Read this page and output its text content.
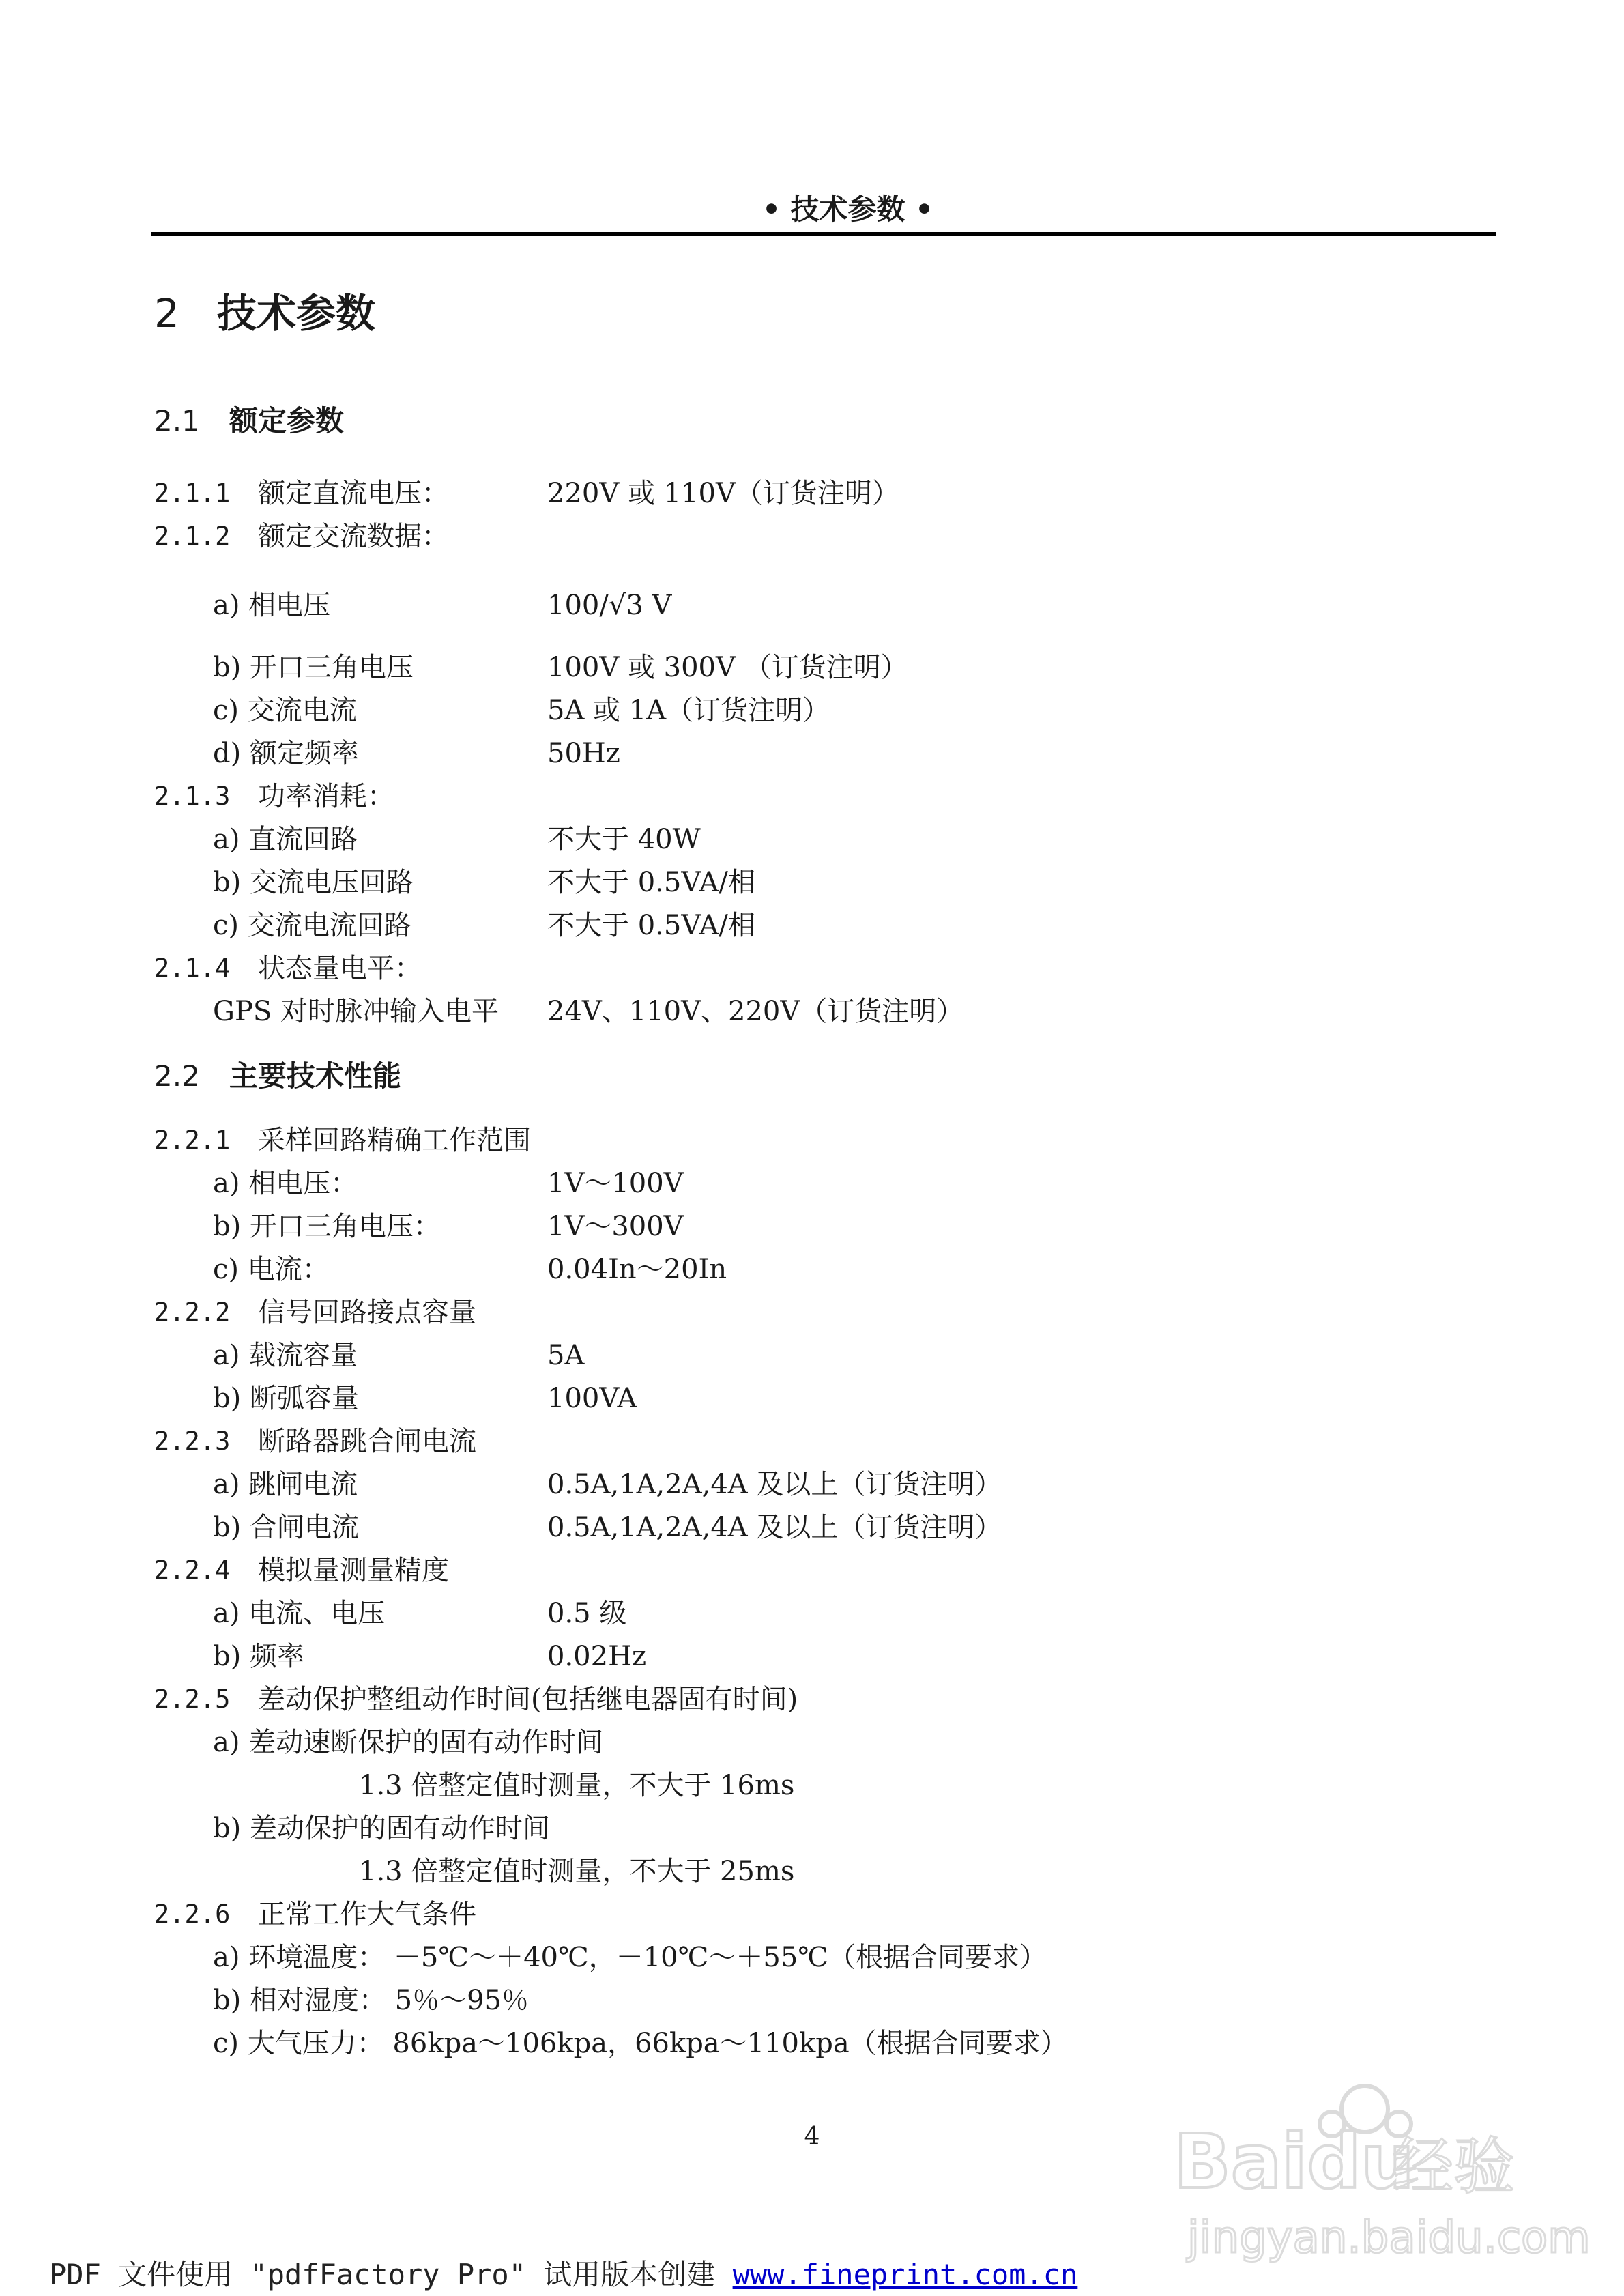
• 技术参数 •
2 技术参数
2.1 额定参数
2.1.1 额定直流电压：	220V 或 110V（订货注明）
2.1.2 额定交流数据：
a) 相电压	100/√3 V
b) 开口三角电压	100V 或 300V （订货注明）
c) 交流电流	5A 或 1A（订货注明）
d) 额定频率	50Hz
2.1.3 功率消耗：
a) 直流回路	不大于 40W
b) 交流电压回路	不大于 0.5VA/相
c) 交流电流回路	不大于 0.5VA/相
2.1.4 状态量电平：
GPS 对时脉冲输入电平 24V、110V、220V（订货注明）
2.2 主要技术性能
2.2.1 采样回路精确工作范围
a) 相电压：	1V～100V
b) 开口三角电压：	1V～300V
c) 电流：	0.04In～20In
2.2.2 信号回路接点容量
a) 载流容量	5A
b) 断弧容量	100VA
2.2.3 断路器跳合闸电流
a) 跳闸电流	0.5A,1A,2A,4A 及以上（订货注明）
b) 合闸电流	0.5A,1A,2A,4A 及以上（订货注明）
2.2.4 模拟量测量精度
a) 电流、电压	0.5 级
b) 频率	0.02Hz
2.2.5 差动保护整组动作时间(包括继电器固有时间)
a) 差动速断保护的固有动作时间
1.3 倍整定值时测量，不大于 16ms
b) 差动保护的固有动作时间
1.3 倍整定值时测量，不大于 25ms
2.2.6 正常工作大气条件
a) 环境温度： －5℃～＋40℃，－10℃～＋55℃（根据合同要求）
b) 相对湿度： 5％～95％
c) 大气压力： 86kpa～106kpa，66kpa～110kpa（根据合同要求）
4
PDF 文件使用 "pdfFactory Pro" 试用版本创建 www.fineprint.com.cn
Baidu
经验
jingyan.baidu.com
